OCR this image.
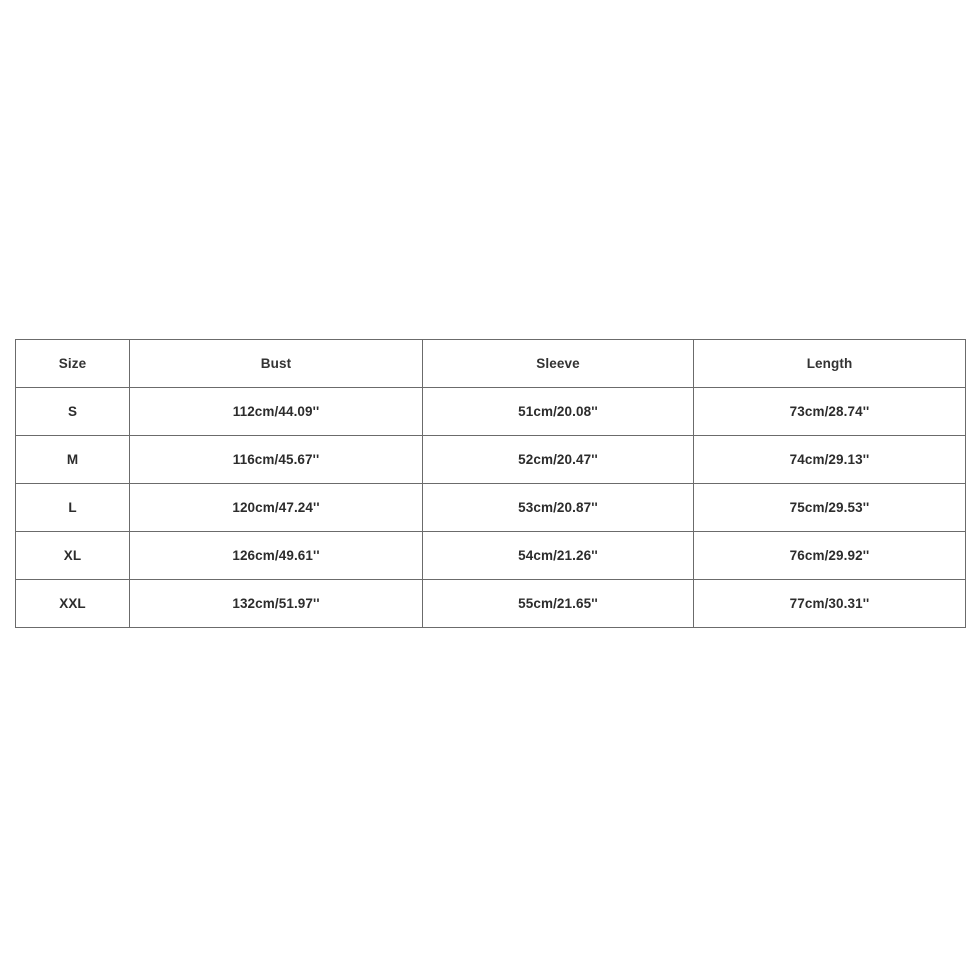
Size	Bust	Sleeve	Length
S	112cm/44.09''	51cm/20.08''	73cm/28.74''
M	116cm/45.67''	52cm/20.47''	74cm/29.13''
L	120cm/47.24''	53cm/20.87''	75cm/29.53''
XL	126cm/49.61''	54cm/21.26''	76cm/29.92''
XXL	132cm/51.97''	55cm/21.65''	77cm/30.31''
